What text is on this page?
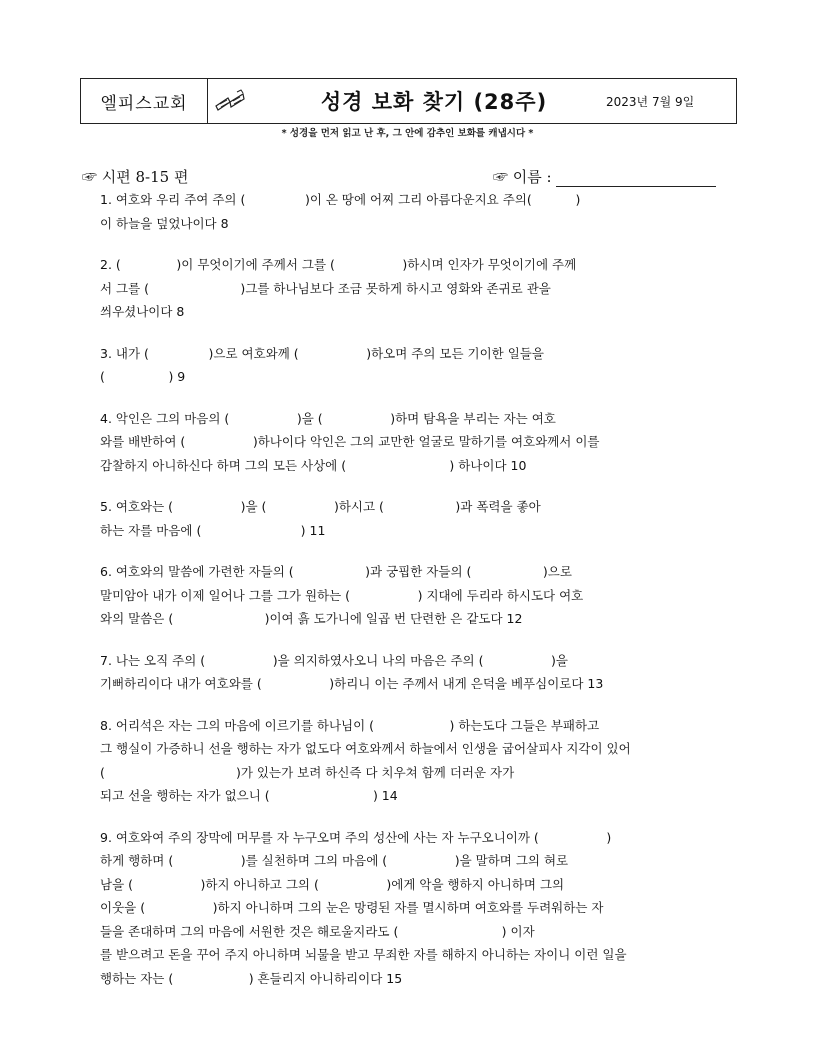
엘피스교회	성경 보화 찾기 (28주)	2023년 7월 9일
* 성경을 먼저 읽고 난 후, 그 안에 감추인 보화를 캐냅시다 *
☞ 시편 8-15 편	☞ 이름 :
1. 여호와 우리 주여 주의 (               )이 온 땅에 어찌 그리 아름다운지요 주의(           )
이 하늘을 덮었나이다 8
2. (              )이 무엇이기에 주께서 그를 (                 )하시며 인자가 무엇이기에 주께
서 그를 (                       )그를 하나님보다 조금 못하게 하시고 영화와 존귀로 관을
씌우셨나이다 8
3. 내가 (               )으로 여호와께 (                 )하오며 주의 모든 기이한 일들을
(                ) 9
4. 악인은 그의 마음의 (                 )을 (                 )하며 탐욕을 부리는 자는 여호
와를 배반하여 (                 )하나이다 악인은 그의 교만한 얼굴로 말하기를 여호와께서 이를
감찰하지 아니하신다 하며 그의 모든 사상에 (                          ) 하나이다 10
5. 여호와는 (                 )을 (                 )하시고 (                  )과 폭력을 좋아
하는 자를 마음에 (                         ) 11
6. 여호와의 말씀에 가련한 자들의 (                  )과 궁핍한 자들의 (                  )으로
말미암아 내가 이제 일어나 그를 그가 원하는 (                 ) 지대에 두리라 하시도다 여호
와의 말씀은 (                       )이여 흙 도가니에 일곱 번 단련한 은 같도다 12
7. 나는 오직 주의 (                 )을 의지하였사오니 나의 마음은 주의 (                 )을
기뻐하리이다 내가 여호와를 (                 )하리니 이는 주께서 내게 은덕을 베푸심이로다 13
8. 어리석은 자는 그의 마음에 이르기를 하나님이 (                   ) 하는도다 그들은 부패하고
그 행실이 가증하니 선을 행하는 자가 없도다 여호와께서 하늘에서 인생을 굽어살피사 지각이 있어
(                                 )가 있는가 보려 하신즉 다 치우쳐 함께 더러운 자가
되고 선을 행하는 자가 없으니 (                          ) 14
9. 여호와여 주의 장막에 머무를 자 누구오며 주의 성산에 사는 자 누구오니이까 (                 )
하게 행하며 (                 )를 실천하며 그의 마음에 (                 )을 말하며 그의 혀로
남을 (                 )하지 아니하고 그의 (                 )에게 악을 행하지 아니하며 그의
이웃을 (                 )하지 아니하며 그의 눈은 망령된 자를 멸시하며 여호와를 두려워하는 자
들을 존대하며 그의 마음에 서원한 것은 해로울지라도 (                          ) 이자
를 받으려고 돈을 꾸어 주지 아니하며 뇌물을 받고 무죄한 자를 해하지 아니하는 자이니 이런 일을
행하는 자는 (                   ) 흔들리지 아니하리이다 15
